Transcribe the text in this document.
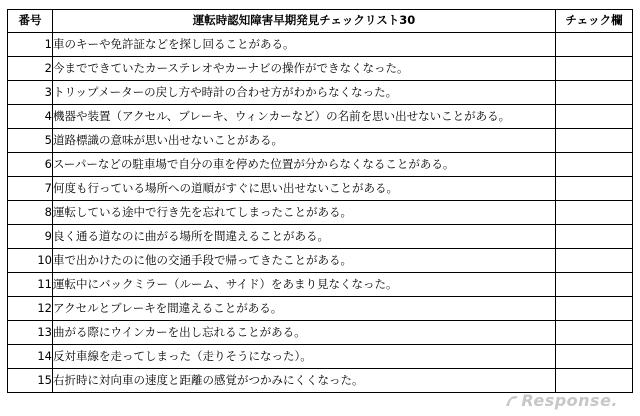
番号	運転時認知障害早期発見チェックリスト30	チェック欄
1	車のキーや免許証などを探し回ることがある。	
2	今までできていたカーステレオやカーナビの操作ができなくなった。	
3	トリップメーターの戻し方や時計の合わせ方がわからなくなった。	
4	機器や装置（アクセル、ブレーキ、ウィンカーなど）の名前を思い出せないことがある。	
5	道路標識の意味が思い出せないことがある。	
6	スーパーなどの駐車場で自分の車を停めた位置が分からなくなることがある。	
7	何度も行っている場所への道順がすぐに思い出せないことがある。	
8	運転している途中で行き先を忘れてしまったことがある。	
9	良く通る道なのに曲がる場所を間違えることがある。	
10	車で出かけたのに他の交通手段で帰ってきたことがある。	
11	運転中にバックミラー（ルーム、サイド）をあまり見なくなった。	
12	アクセルとブレーキを間違えることがある。	
13	曲がる際にウインカーを出し忘れることがある。	
14	反対車線を走ってしまった（走りそうになった）。	
15	右折時に対向車の速度と距離の感覚がつかみにくくなった。	
Response.
